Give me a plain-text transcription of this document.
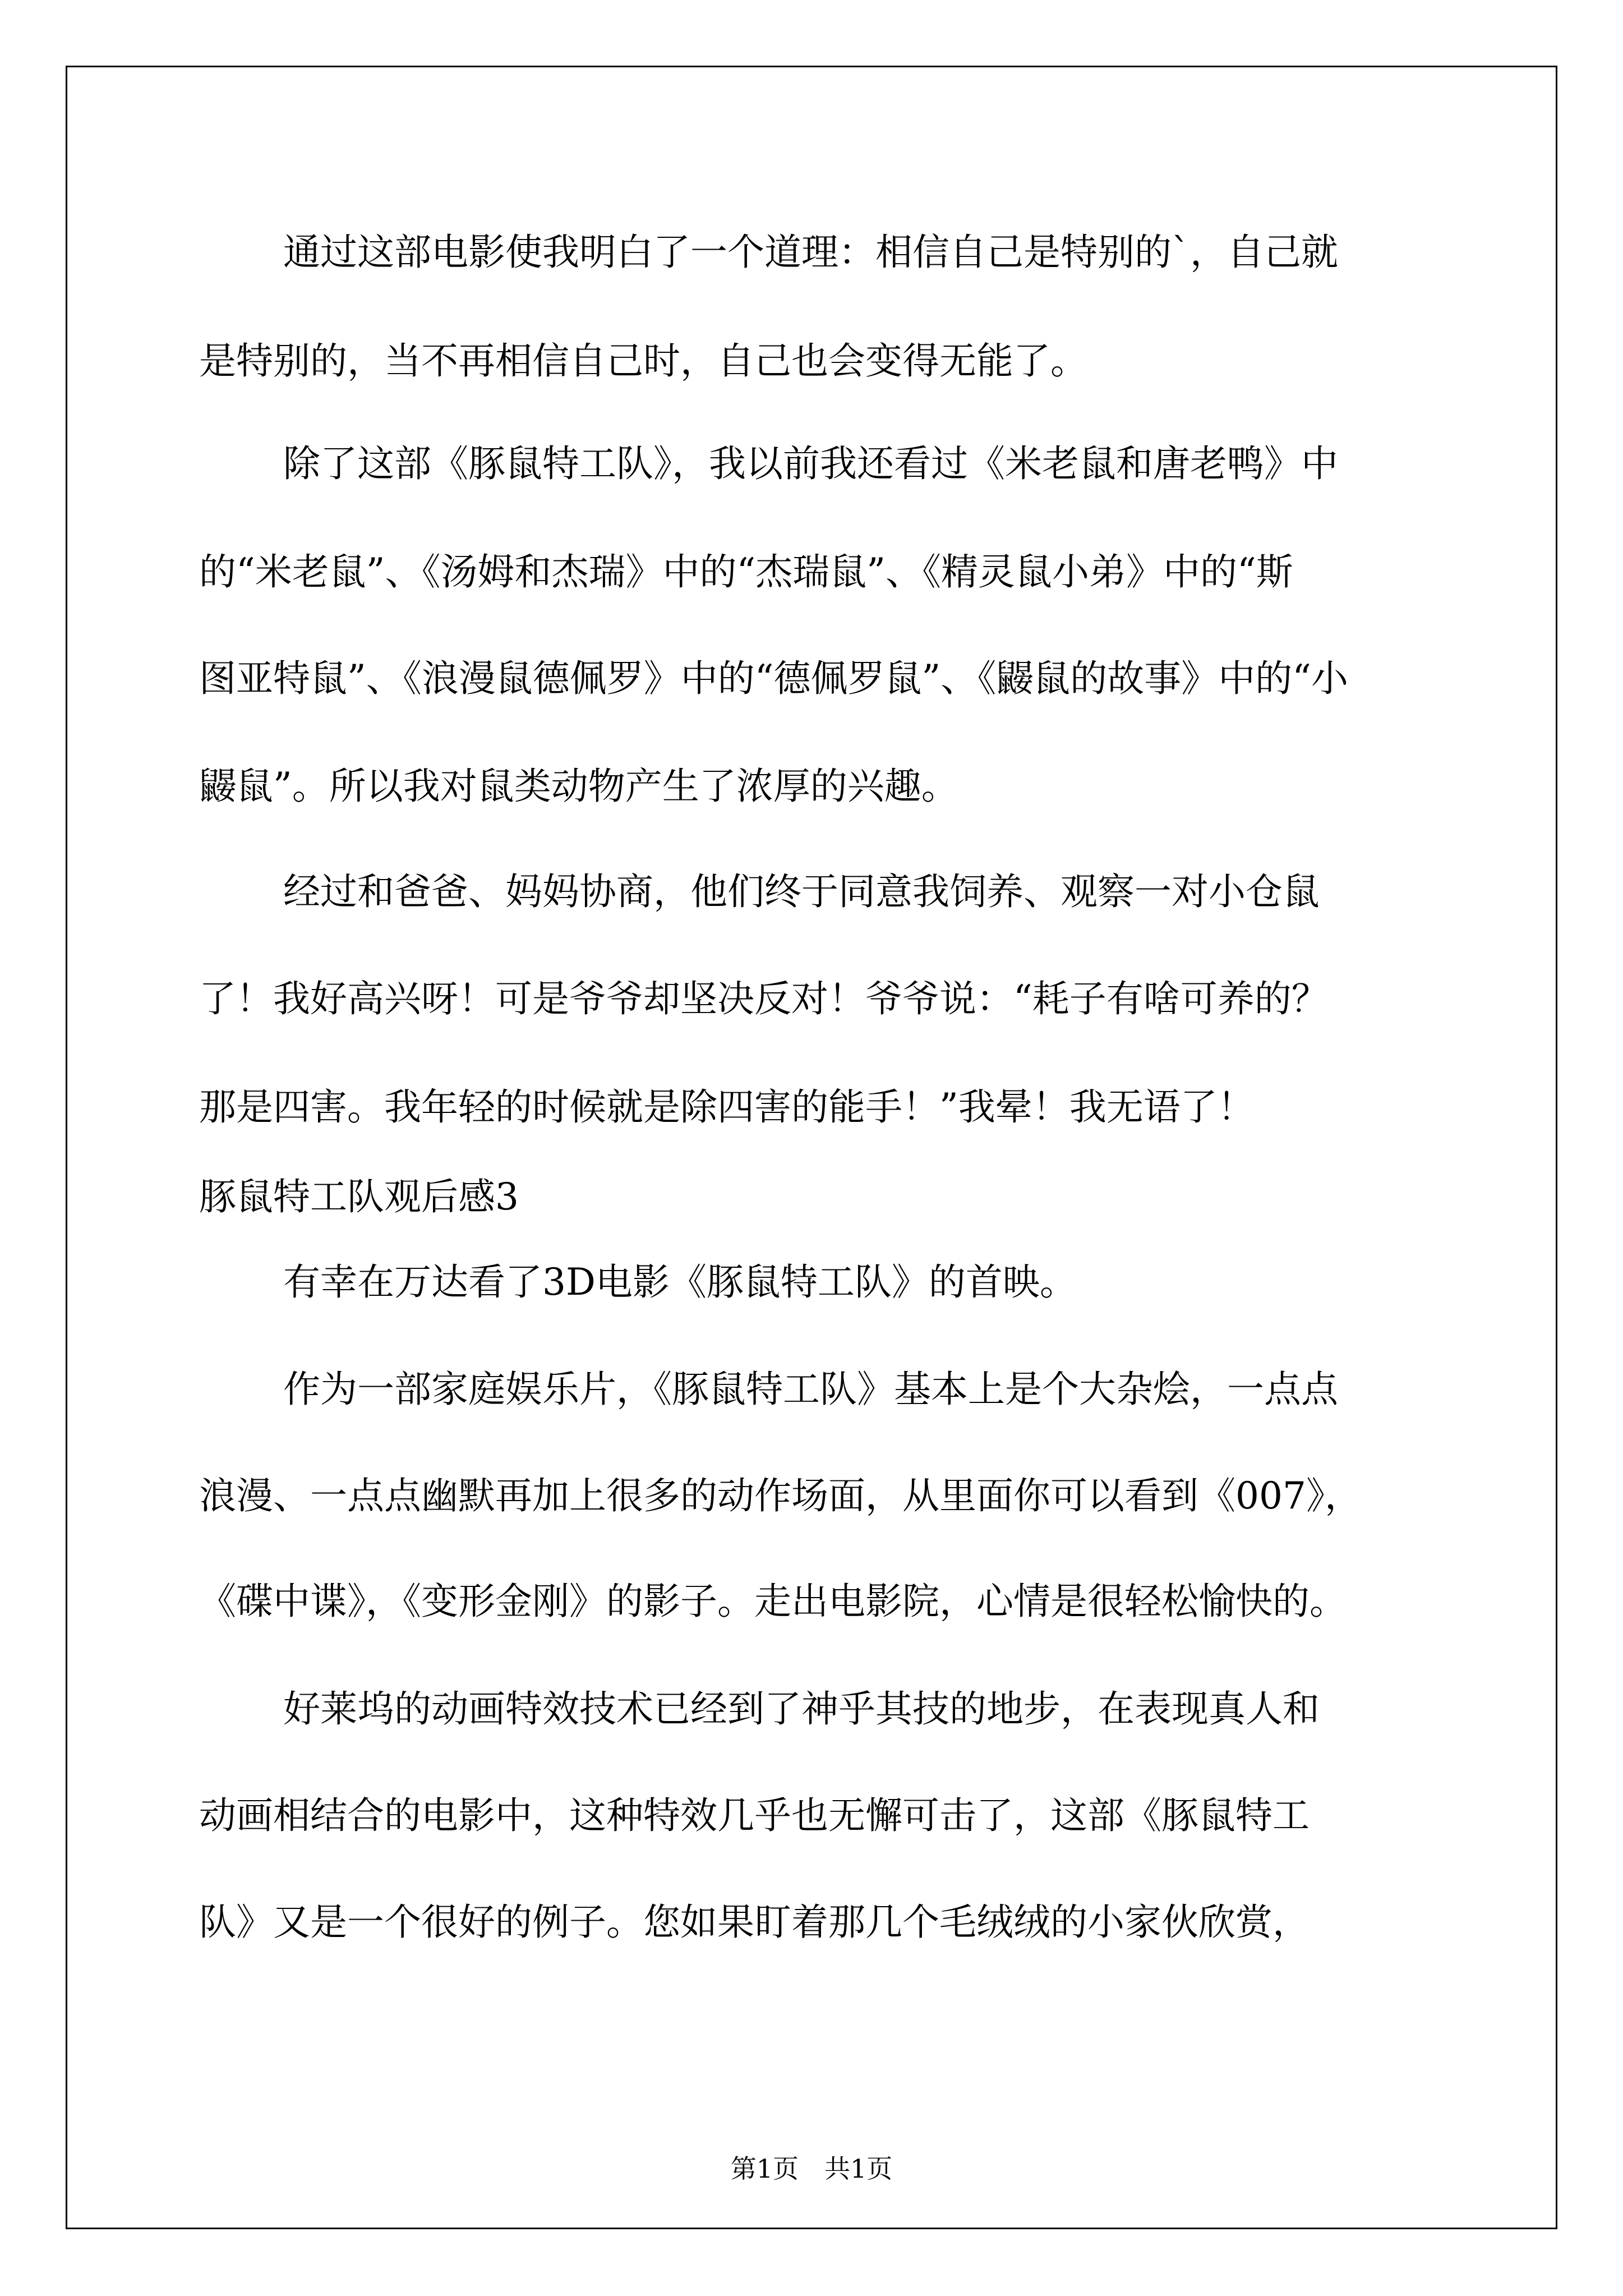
通过这部电影使我明白了一个道理：相信自己是特别的`，自己就
是特别的，当不再相信自己时，自己也会变得无能了。
除了这部《豚鼠特工队》，我以前我还看过《米老鼠和唐老鸭》中
的“米老鼠”、《汤姆和杰瑞》中的“杰瑞鼠”、《精灵鼠小弟》中的“斯
图亚特鼠”、《浪漫鼠德佩罗》中的“德佩罗鼠”、《鼹鼠的故事》中的“小
鼹鼠”。所以我对鼠类动物产生了浓厚的兴趣。
经过和爸爸、妈妈协商，他们终于同意我饲养、观察一对小仓鼠
了！我好高兴呀！可是爷爷却坚决反对！爷爷说：“耗子有啥可养的？
那是四害。我年轻的时候就是除四害的能手！”我晕！我无语了！
豚鼠特工队观后感3
有幸在万达看了3D电影《豚鼠特工队》的首映。
作为一部家庭娱乐片，《豚鼠特工队》基本上是个大杂烩，一点点
浪漫、一点点幽默再加上很多的动作场面，从里面你可以看到《007》，
《碟中谍》，《变形金刚》的影子。走出电影院，心情是很轻松愉快的。
好莱坞的动画特效技术已经到了神乎其技的地步，在表现真人和
动画相结合的电影中，这种特效几乎也无懈可击了，这部《豚鼠特工
队》又是一个很好的例子。您如果盯着那几个毛绒绒的小家伙欣赏，
第1页　共1页
